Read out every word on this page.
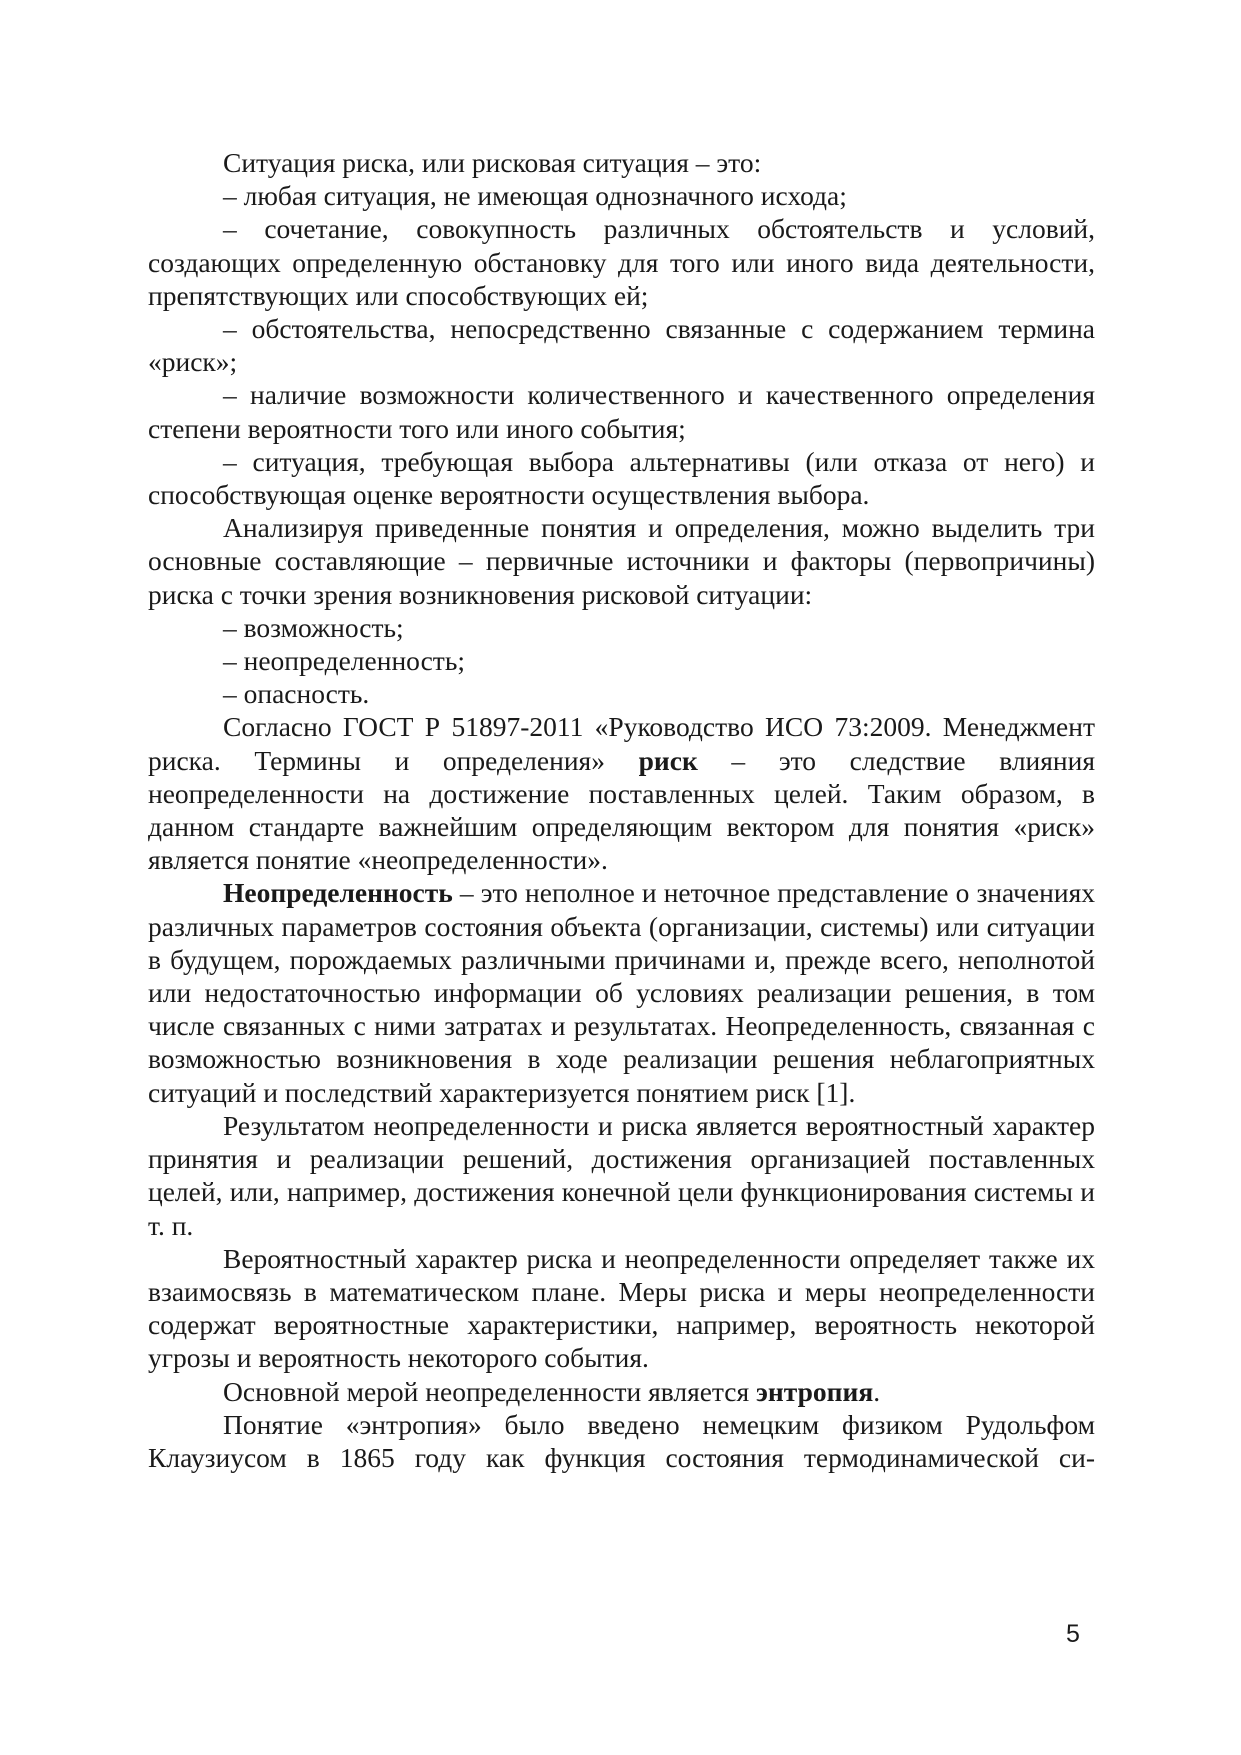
Ситуация риска, или рисковая ситуация – это:

– любая ситуация, не имеющая однозначного исхода;

– сочетание, совокупность различных обстоятельств и условий, создающих определенную обстановку для того или иного вида деятельности, препятствующих или способствующих ей;

– обстоятельства, непосредственно связанные с содержанием термина «риск»;

– наличие возможности количественного и качественного определения степени вероятности того или иного события;

– ситуация, требующая выбора альтернативы (или отказа от него) и способствующая оценке вероятности осуществления выбора.

Анализируя приведенные понятия и определения, можно выделить три основные составляющие – первичные источники и факторы (первопричины) риска с точки зрения возникновения рисковой ситуации:

– возможность;

– неопределенность;

– опасность.

Согласно ГОСТ Р 51897-2011 «Руководство ИСО 73:2009. Менеджмент риска. Термины и определения» риск – это следствие влияния неопределенности на достижение поставленных целей. Таким образом, в данном стандарте важнейшим определяющим вектором для понятия «риск» является понятие «неопределенности».

Неопределенность – это неполное и неточное представление о значениях различных параметров состояния объекта (организации, системы) или ситуации в будущем, порождаемых различными причинами и, прежде всего, неполнотой или недостаточностью информации об условиях реализации решения, в том числе связанных с ними затратах и результатах. Неопределенность, связанная с возможностью возникновения в ходе реализации решения неблагоприятных ситуаций и последствий характеризуется понятием риск [1].

Результатом неопределенности и риска является вероятностный характер принятия и реализации решений, достижения организацией поставленных целей, или, например, достижения конечной цели функционирования системы и т. п.

Вероятностный характер риска и неопределенности определяет также их взаимосвязь в математическом плане. Меры риска и меры неопределенности содержат вероятностные характеристики, например, вероятность некоторой угрозы и вероятность некоторого события.

Основной мерой неопределенности является энтропия.

Понятие «энтропия» было введено немецким физиком Рудольфом Клаузиусом в 1865 году как функция состояния термодинамической си-

5
